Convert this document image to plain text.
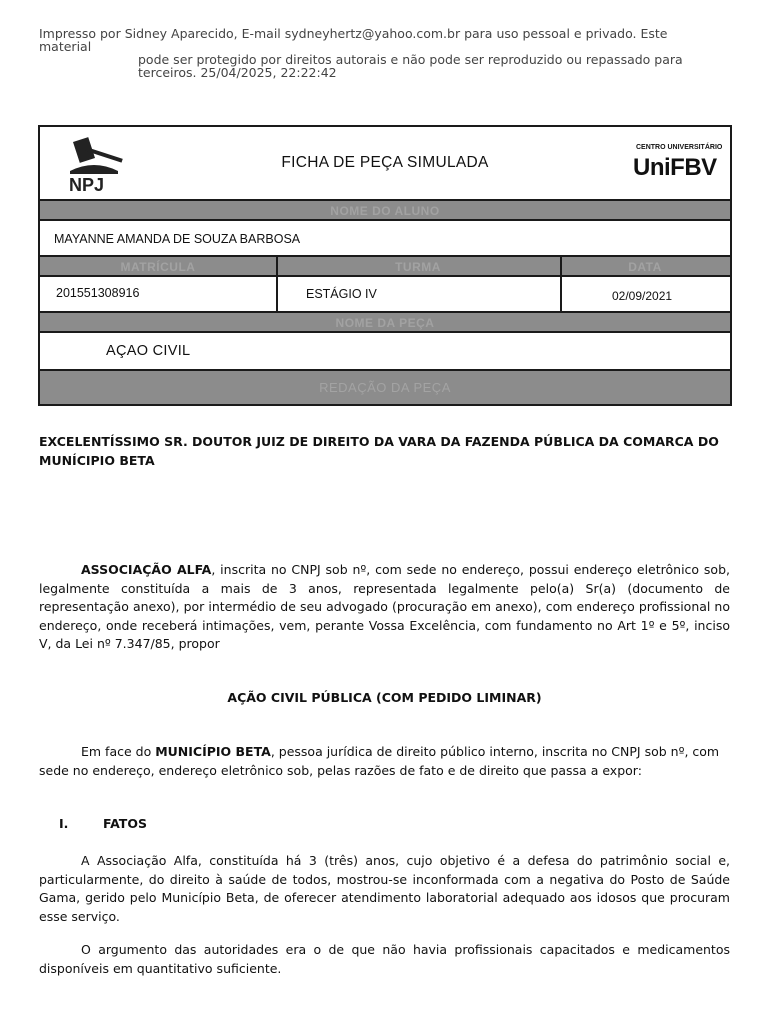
Impresso por Sidney Aparecido, E-mail sydneyhertz@yahoo.com.br para uso pessoal e privado. Este material
pode ser protegido por direitos autorais e não pode ser reproduzido ou repassado para
terceiros. 25/04/2025, 22:22:42
NPJ
FICHA DE PEÇA SIMULADA
CENTRO UNIVERSITÁRIO
UniFBV
NOME DO ALUNO
MAYANNE AMANDA DE SOUZA BARBOSA
MATRÍCULA	TURMA	DATA
201551308916	ESTÁGIO IV	02/09/2021
NOME DA PEÇA
AÇAO CIVIL
REDAÇÃO DA PEÇA
EXCELENTÍSSIMO SR. DOUTOR JUIZ DE DIREITO DA VARA DA FAZENDA PÚBLICA DA COMARCA DO MUNÍCIPIO BETA
ASSOCIAÇÃO ALFA, inscrita no CNPJ sob nº, com sede no endereço, possui endereço eletrônico sob, legalmente constituída a mais de 3 anos, representada legalmente pelo(a) Sr(a) (documento de representação anexo), por intermédio de seu advogado (procuração em anexo), com endereço profissional no endereço, onde receberá intimações, vem, perante Vossa Excelência, com fundamento no Art 1º e 5º, inciso V, da Lei nº 7.347/85, propor
AÇÃO CIVIL PÚBLICA (COM PEDIDO LIMINAR)
Em face do MUNICÍPIO BETA, pessoa jurídica de direito público interno, inscrita no CNPJ sob nº, com sede no endereço, endereço eletrônico sob, pelas razões de fato e de direito que passa a expor:
I.	FATOS
A Associação Alfa, constituída há 3 (três) anos, cujo objetivo é a defesa do patrimônio social e, particularmente, do direito à saúde de todos, mostrou-se inconformada com a negativa do Posto de Saúde Gama, gerido pelo Município Beta, de oferecer atendimento laboratorial adequado aos idosos que procuram esse serviço.
O argumento das autoridades era o de que não havia profissionais capacitados e medicamentos disponíveis em quantitativo suficiente.
